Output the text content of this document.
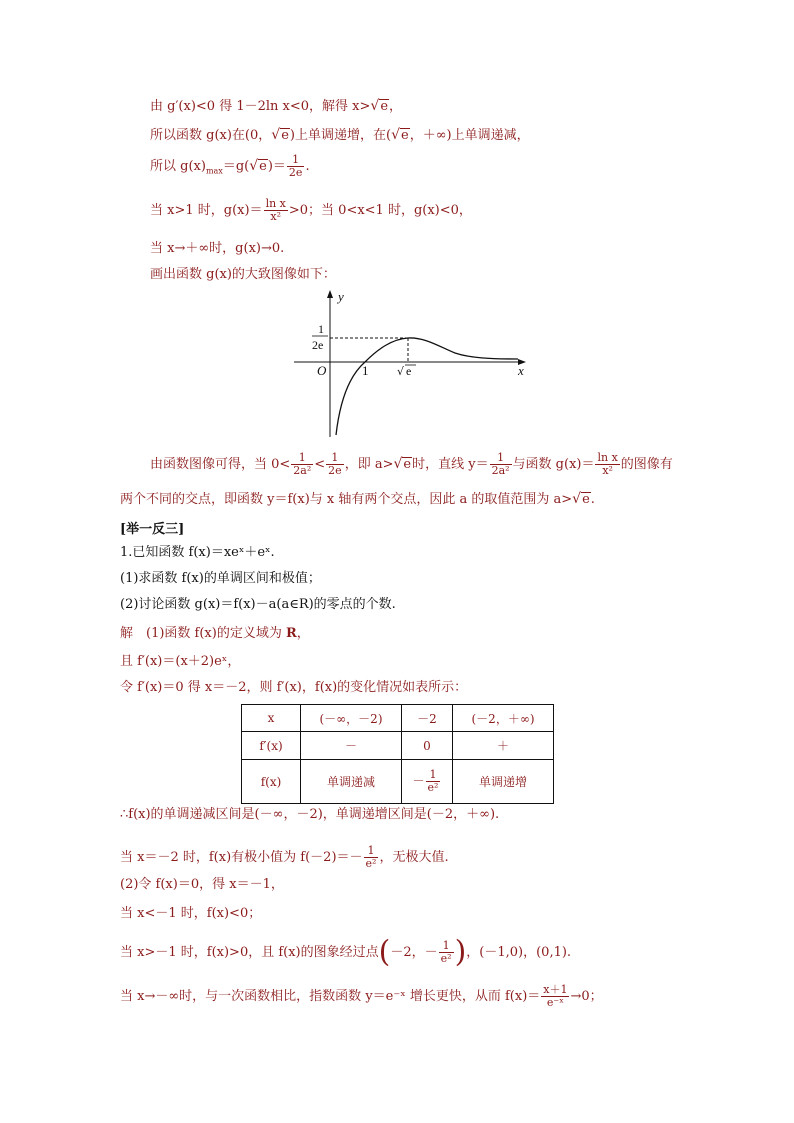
由 g′(x)<0 得 1－2ln x<0，解得 x>√e，
所以函数 g(x)在(0，√e)上单调递增，在(√e，＋∞)上单调递减，
所以 $g(x)_{max}=g(√e)= \frac{1}{2e}$ .
当 x>1 时，$g(x)= \frac{\text{ln x}}{\text{x²}} >0$；当 0<x<1 时，g(x)<0，
当 x→＋∞时，g(x)→0.
画出函数 g(x)的大致图像如下：
y
x
O	1	√ e
1
2e
由函数图像可得，当 $0< \frac{1}{\text{2a²}} < \frac{1}{2e}$ ，即 a>√e时，直线 $y= \frac{1}{\text{2a²}}$ 与函数 $g(x)= \frac{\text{ln x}}{\text{x²}}$ 的图像有
两个不同的交点，即函数 y＝f(x)与 x 轴有两个交点，因此 a 的取值范围为 a>√e.
[举一反三]
1.已知函数 f(x)＝xeˣ＋eˣ.
(1)求函数 f(x)的单调区间和极值；
(2)讨论函数 g(x)＝f(x)－a(a∈R)的零点的个数.
解　(1)函数 f(x)的定义域为 R，
且 f′(x)＝(x＋2)eˣ，
令 f′(x)＝0 得 x＝－2，则 f′(x)，f(x)的变化情况如表所示：
x	(－∞，－2)	－2	(－2，＋∞)
f′(x)	－	0	＋
f(x)	单调递减	－ $\frac{1}{\text{e²}}$	单调递增
∴f(x)的单调递减区间是(－∞，－2)，单调递增区间是(－2，＋∞).
当 x＝－2 时，f(x)有极小值为 $f(-2)=- \frac{1}{\text{e²}}$ ，无极大值.
(2)令 f(x)＝0，得 x＝－1，
当 x<－1 时，f(x)<0；
当 x>－1 时，f(x)>0，且 f(x)的图象经过点(－2，－ $\frac{1}{\text{e²}}$ )，(－1,0)，(0,1).
当 x→－∞时，与一次函数相比，指数函数 y＝e⁻ˣ 增长更快，从而 $f(x)= \frac{x+1}{\text{e⁻ˣ}} \to 0$；
